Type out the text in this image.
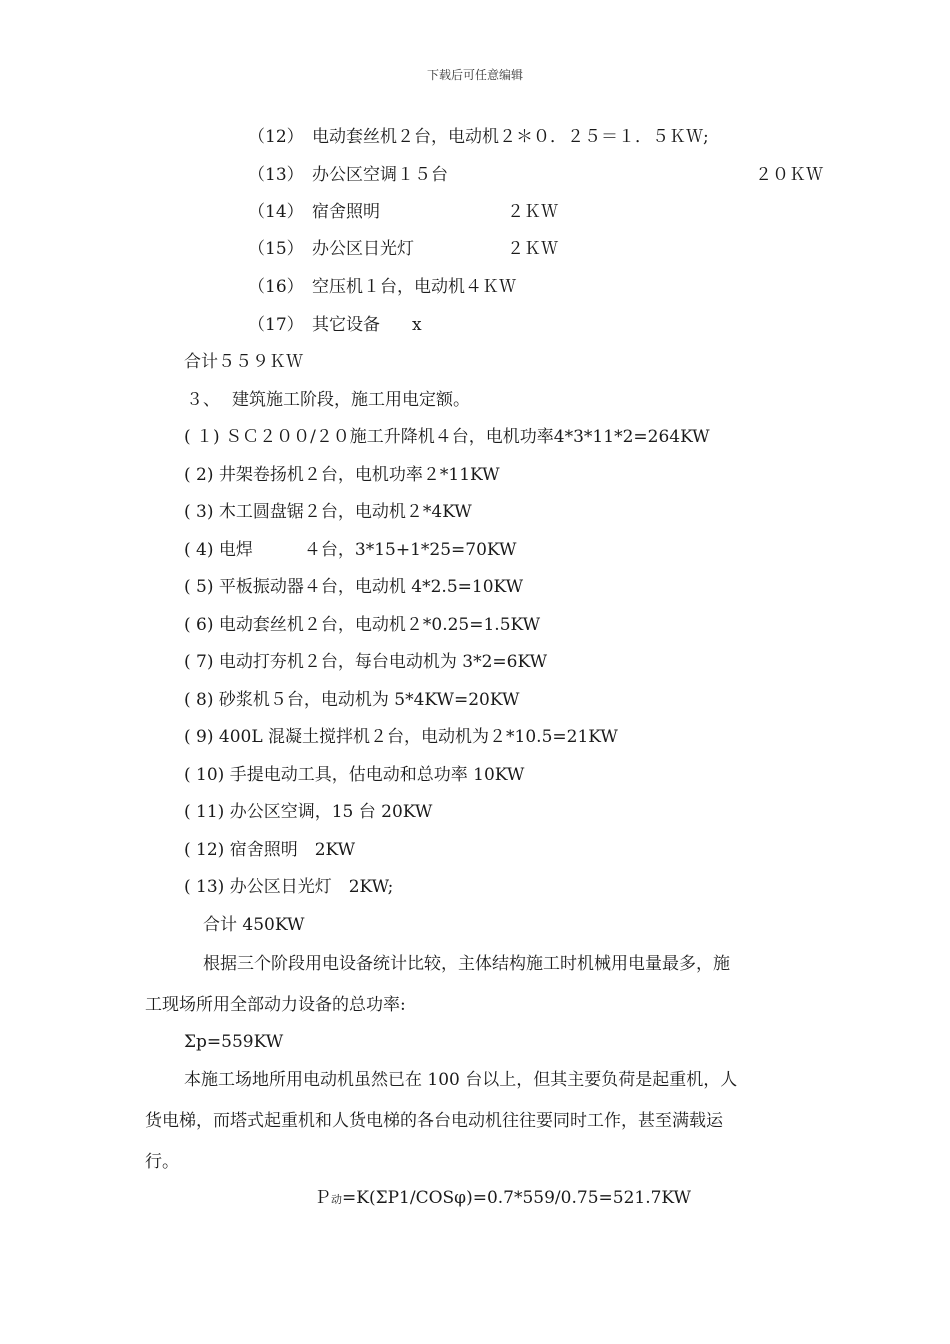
下载后可任意编辑
（12） 电动套丝机２台，电动机２＊０．２５＝１．５ＫＷ;
（13） 办公区空调１５台	２０ＫＷ
（14） 宿舍照明	２ＫＷ
（15） 办公区日光灯	２ＫＷ
（16） 空压机１台，电动机４ＫＷ
（17） 其它设备 x
合计５５９ＫＷ
３、 建筑施工阶段，施工用电定额。
( １) ＳＣ２００/２０施工升降机４台，电机功率4*3*11*2=264KW
( 2) 井架卷扬机２台，电机功率２*11KW
( 3) 木工圆盘锯２台，电动机２*4KW
( 4) 电焊　　　４台，3*15+1*25=70KW
( 5) 平板振动器４台，电动机 4*2.5=10KW
( 6) 电动套丝机２台，电动机２*0.25=1.5KW
( 7) 电动打夯机２台，每台电动机为 3*2=6KW
( 8) 砂浆机５台，电动机为 5*4KW=20KW
( 9) 400L 混凝土搅拌机２台，电动机为２*10.5=21KW
( 10) 手提电动工具，估电动和总功率 10KW
( 11) 办公区空调，15 台 20KW
( 12) 宿舍照明　2KW
( 13) 办公区日光灯　2KW;
合计 450KW
根据三个阶段用电设备统计比较，主体结构施工时机械用电量最多，施
工现场所用全部动力设备的总功率:
Σp=559KW
本施工场地所用电动机虽然已在 100 台以上，但其主要负荷是起重机，人
货电梯，而塔式起重机和人货电梯的各台电动机往往要同时工作，甚至满载运
行。
Ｐ动=K(ΣP1/COSφ)=0.7*559/0.75=521.7KW
